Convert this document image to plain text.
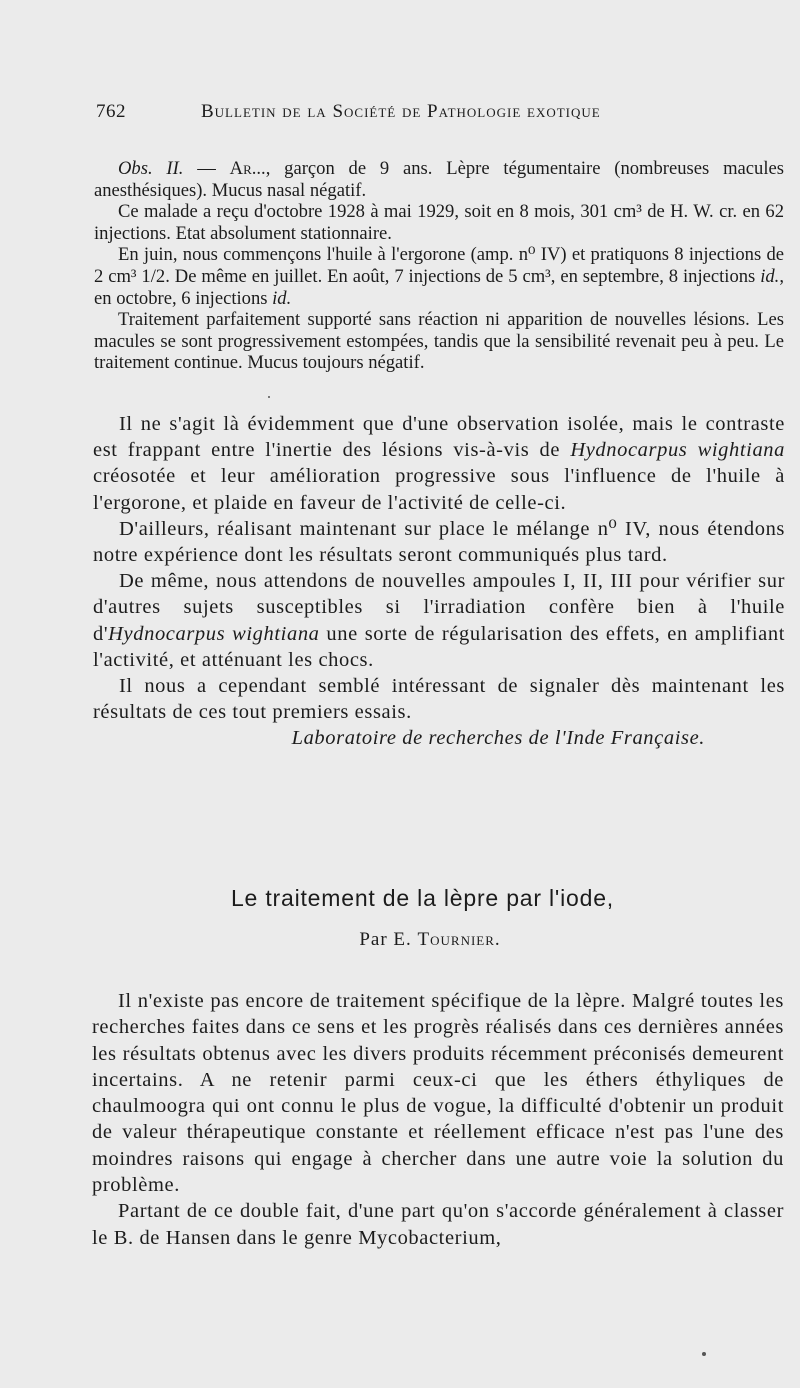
762	Bulletin de la Société de Pathologie exotique

Obs. II. — Ar..., garçon de 9 ans. Lèpre tégumentaire (nombreuses macules anesthésiques). Mucus nasal négatif.

Ce malade a reçu d'octobre 1928 à mai 1929, soit en 8 mois, 301 cm³ de H. W. cr. en 62 injections. Etat absolument stationnaire.

En juin, nous commençons l'huile à l'ergorone (amp. n⁰ IV) et pratiquons 8 injections de 2 cm³ 1/2. De même en juillet. En août, 7 injections de 5 cm³, en septembre, 8 injections id., en octobre, 6 injections id.

Traitement parfaitement supporté sans réaction ni apparition de nouvelles lésions. Les macules se sont progressivement estompées, tandis que la sensibilité revenait peu à peu. Le traitement continue. Mucus toujours négatif.

Il ne s'agit là évidemment que d'une observation isolée, mais le contraste est frappant entre l'inertie des lésions vis-à-vis de Hydnocarpus wightiana créosotée et leur amélioration progressive sous l'influence de l'huile à l'ergorone, et plaide en faveur de l'activité de celle-ci.

D'ailleurs, réalisant maintenant sur place le mélange n⁰ IV, nous étendons notre expérience dont les résultats seront communiqués plus tard.

De même, nous attendons de nouvelles ampoules I, II, III pour vérifier sur d'autres sujets susceptibles si l'irradiation confère bien à l'huile d'Hydnocarpus wightiana une sorte de régularisation des effets, en amplifiant l'activité, et atténuant les chocs.

Il nous a cependant semblé intéressant de signaler dès maintenant les résultats de ces tout premiers essais.

Laboratoire de recherches de l'Inde Française.

Le traitement de la lèpre par l'iode,
Par E. Tournier.

Il n'existe pas encore de traitement spécifique de la lèpre. Malgré toutes les recherches faites dans ce sens et les progrès réalisés dans ces dernières années les résultats obtenus avec les divers produits récemment préconisés demeurent incertains. A ne retenir parmi ceux-ci que les éthers éthyliques de chaulmoogra qui ont connu le plus de vogue, la difficulté d'obtenir un produit de valeur thérapeutique constante et réellement efficace n'est pas l'une des moindres raisons qui engage à chercher dans une autre voie la solution du problème.

Partant de ce double fait, d'une part qu'on s'accorde généralement à classer le B. de Hansen dans le genre Mycobacterium,
